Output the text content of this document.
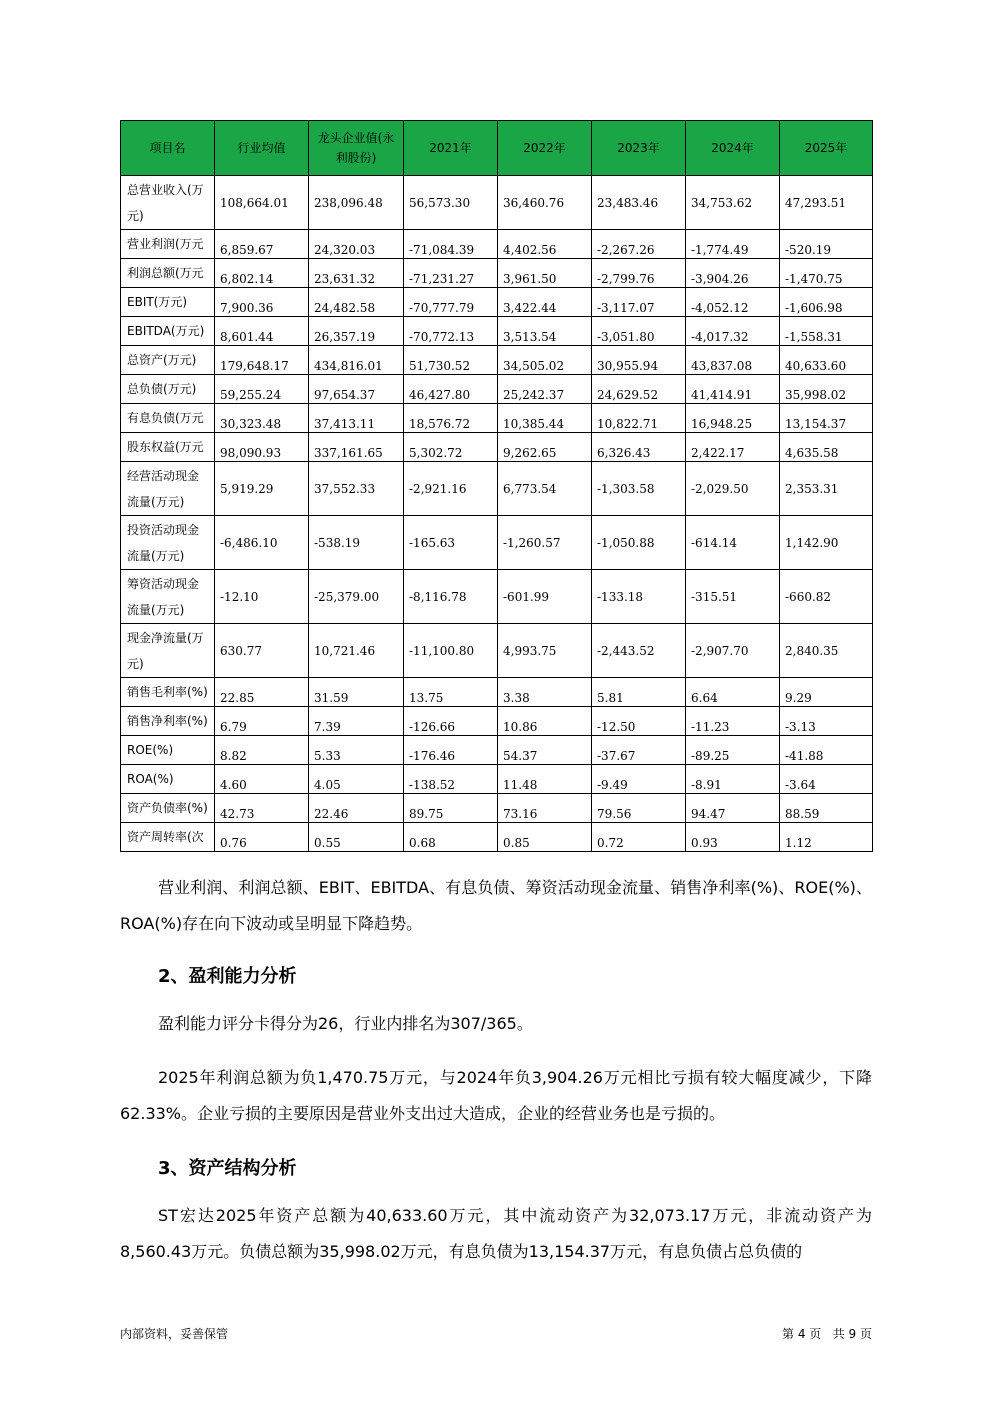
项目名	行业均值	龙头企业值(永利股份)	2021年	2022年	2023年	2024年	2025年
总营业收入(万元)	108,664.01	238,096.48	56,573.30	36,460.76	23,483.46	34,753.62	47,293.51
营业利润(万元	6,859.67	24,320.03	-71,084.39	4,402.56	-2,267.26	-1,774.49	-520.19
利润总额(万元	6,802.14	23,631.32	-71,231.27	3,961.50	-2,799.76	-3,904.26	-1,470.75
EBIT(万元)	7,900.36	24,482.58	-70,777.79	3,422.44	-3,117.07	-4,052.12	-1,606.98
EBITDA(万元)	8,601.44	26,357.19	-70,772.13	3,513.54	-3,051.80	-4,017.32	-1,558.31
总资产(万元)	179,648.17	434,816.01	51,730.52	34,505.02	30,955.94	43,837.08	40,633.60
总负债(万元)	59,255.24	97,654.37	46,427.80	25,242.37	24,629.52	41,414.91	35,998.02
有息负债(万元	30,323.48	37,413.11	18,576.72	10,385.44	10,822.71	16,948.25	13,154.37
股东权益(万元	98,090.93	337,161.65	5,302.72	9,262.65	6,326.43	2,422.17	4,635.58
经营活动现金流量(万元)	5,919.29	37,552.33	-2,921.16	6,773.54	-1,303.58	-2,029.50	2,353.31
投资活动现金流量(万元)	-6,486.10	-538.19	-165.63	-1,260.57	-1,050.88	-614.14	1,142.90
筹资活动现金流量(万元)	-12.10	-25,379.00	-8,116.78	-601.99	-133.18	-315.51	-660.82
现金净流量(万元)	630.77	10,721.46	-11,100.80	4,993.75	-2,443.52	-2,907.70	2,840.35
销售毛利率(%)	22.85	31.59	13.75	3.38	5.81	6.64	9.29
销售净利率(%)	6.79	7.39	-126.66	10.86	-12.50	-11.23	-3.13
ROE(%)	8.82	5.33	-176.46	54.37	-37.67	-89.25	-41.88
ROA(%)	4.60	4.05	-138.52	11.48	-9.49	-8.91	-3.64
资产负债率(%)	42.73	22.46	89.75	73.16	79.56	94.47	88.59
资产周转率(次	0.76	0.55	0.68	0.85	0.72	0.93	1.12
营业利润、利润总额、EBIT、EBITDA、有息负债、筹资活动现金流量、销售净利率(%)、ROE(%)、ROA(%)存在向下波动或呈明显下降趋势。
2、盈利能力分析
盈利能力评分卡得分为26，行业内排名为307/365。
2025年利润总额为负1,470.75万元，与2024年负3,904.26万元相比亏损有较大幅度减少，下降62.33%。企业亏损的主要原因是营业外支出过大造成，企业的经营业务也是亏损的。
3、资产结构分析
ST宏达2025年资产总额为40,633.60万元，其中流动资产为32,073.17万元，非流动资产为8,560.43万元。负债总额为35,998.02万元，有息负债为13,154.37万元，有息负债占总负债的
内部资料，妥善保管	第 4 页   共 9 页
